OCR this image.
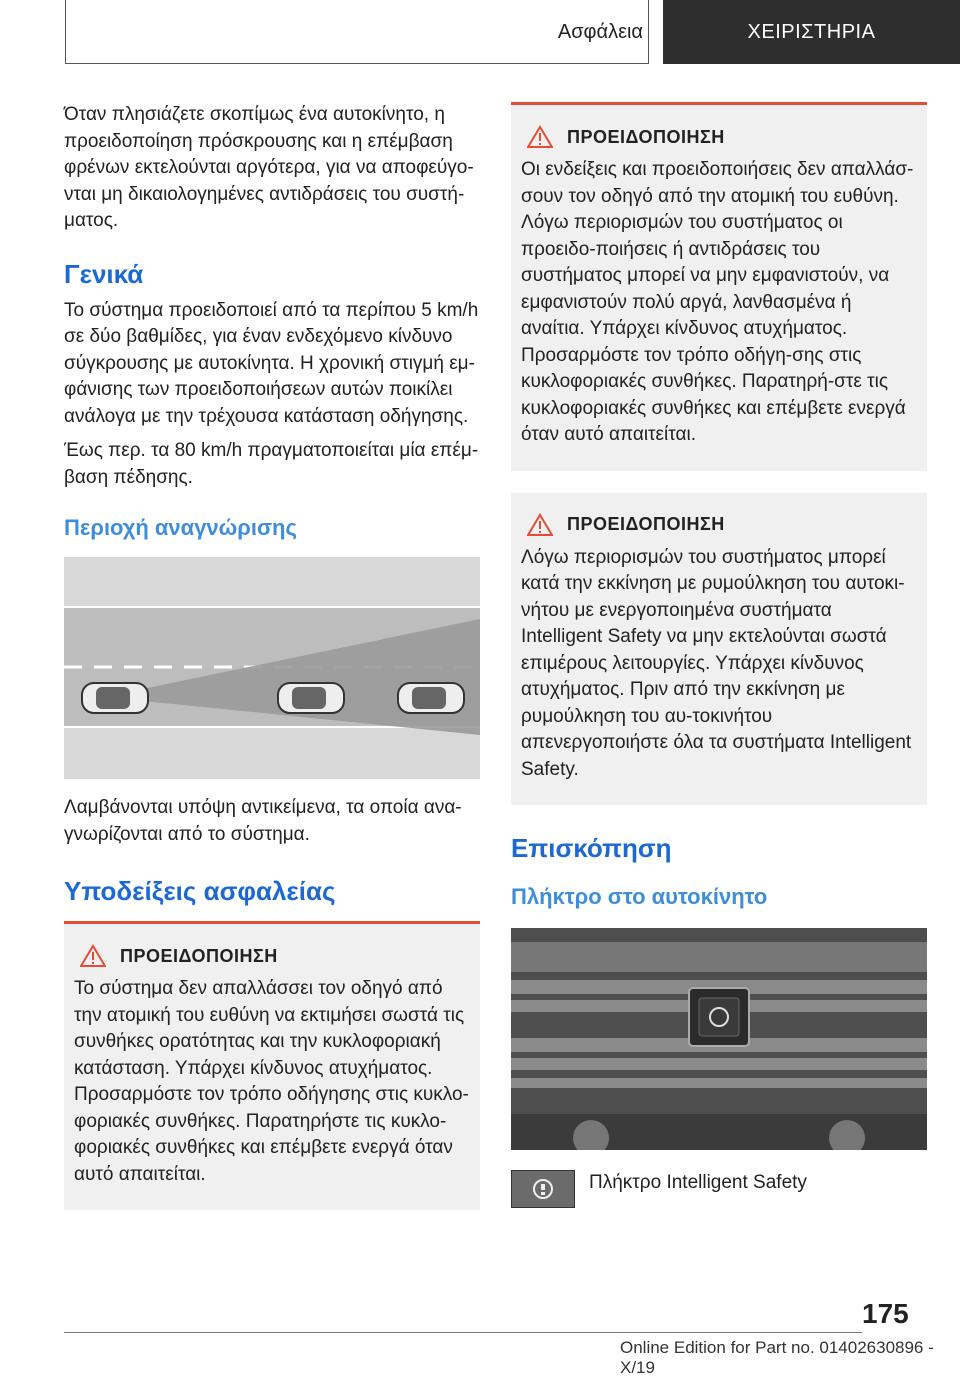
Ασφάλεια	ΧΕΙΡΙΣΤΗΡΙΑ

Όταν πλησιάζετε σκοπίμως ένα αυτοκίνητο, η προειδοποίηση πρόσκρουσης και η επέμβαση φρένων εκτελούνται αργότερα, για να αποφεύγο-νται μη δικαιολογημένες αντιδράσεις του συστή-ματος.

Γενικά

Το σύστημα προειδοποιεί από τα περίπου 5 km/h σε δύο βαθμίδες, για έναν ενδεχόμενο κίνδυνο σύγκρουσης με αυτοκίνητα. Η χρονική στιγμή εμ-φάνισης των προειδοποιήσεων αυτών ποικίλει ανάλογα με την τρέχουσα κατάσταση οδήγησης.

Έως περ. τα 80 km/h πραγματοποιείται μία επέμ-βαση πέδησης.

Περιοχή αναγνώρισης

Λαμβάνονται υπόψη αντικείμενα, τα οποία ανα-γνωρίζονται από το σύστημα.

Υποδείξεις ασφαλείας
ΠΡΟΕΙΔΟΠΟΙΗΣΗ

Το σύστημα δεν απαλλάσσει τον οδηγό από την ατομική του ευθύνη να εκτιμήσει σωστά τις συνθήκες ορατότητας και την κυκλοφοριακή κατάσταση. Υπάρχει κίνδυνος ατυχήματος. Προσαρμόστε τον τρόπο οδήγησης στις κυκλο-φοριακές συνθήκες. Παρατηρήστε τις κυκλο-φοριακές συνθήκες και επέμβετε ενεργά όταν αυτό απαιτείται.

ΠΡΟΕΙΔΟΠΟΙΗΣΗ

Οι ενδείξεις και προειδοποιήσεις δεν απαλλάσ-σουν τον οδηγό από την ατομική του ευθύνη. Λόγω περιορισμών του συστήματος οι προειδο-ποιήσεις ή αντιδράσεις του συστήματος μπορεί να μην εμφανιστούν, να εμφανιστούν πολύ αργά, λανθασμένα ή αναίτια. Υπάρχει κίνδυνος ατυχήματος. Προσαρμόστε τον τρόπο οδήγη-σης στις κυκλοφοριακές συνθήκες. Παρατηρή-στε τις κυκλοφοριακές συνθήκες και επέμβετε ενεργά όταν αυτό απαιτείται.

ΠΡΟΕΙΔΟΠΟΙΗΣΗ

Λόγω περιορισμών του συστήματος μπορεί κατά την εκκίνηση με ρυμούλκηση του αυτοκι-νήτου με ενεργοποιημένα συστήματα Intelligent Safety να μην εκτελούνται σωστά επιμέρους λειτουργίες. Υπάρχει κίνδυνος ατυχήματος. Πριν από την εκκίνηση με ρυμούλκηση του αυ-τοκινήτου απενεργοποιήστε όλα τα συστήματα Intelligent Safety.

Επισκόπηση
Πλήκτρο στο αυτοκίνητο

Πλήκτρο Intelligent Safety

175
Online Edition for Part no. 01402630896 - X/19
